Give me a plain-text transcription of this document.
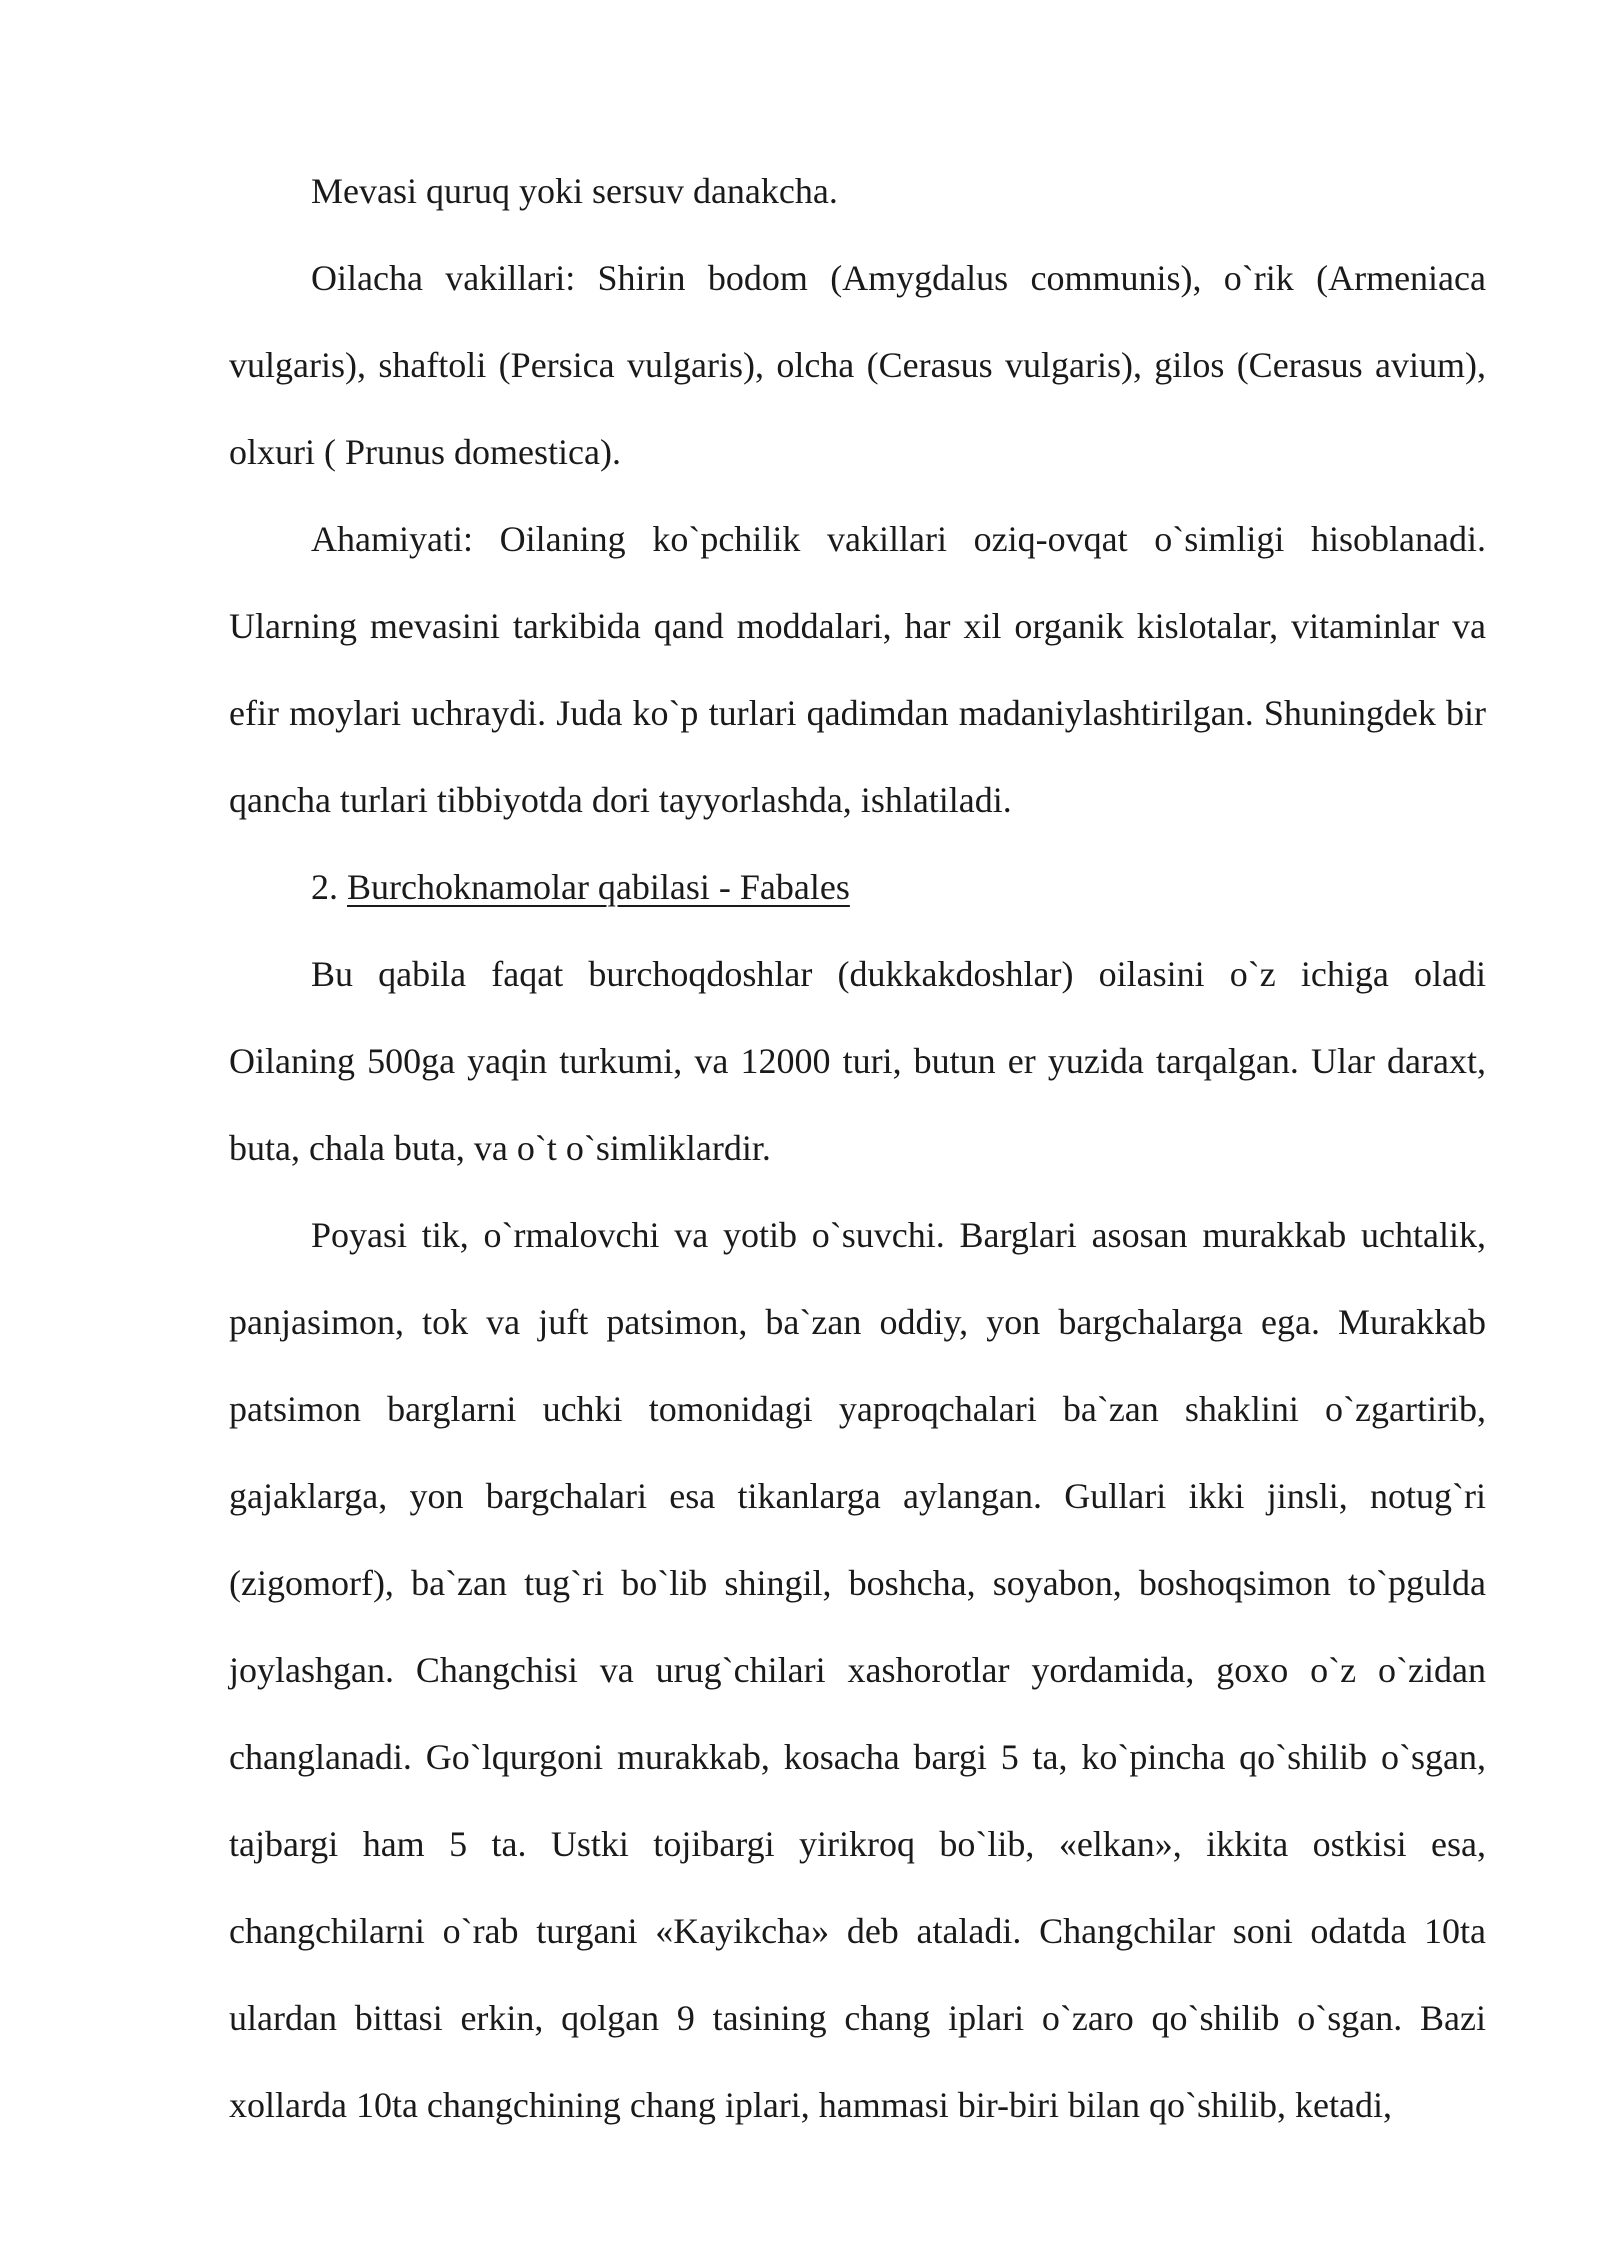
Mevasi quruq yoki sersuv danakcha.

Oilacha vakillari: Shirin bodom (Amygdalus communis), o`rik (Armeniaca vulgaris), shaftoli (Persica vulgaris), olcha (Cerasus vulgaris), gilos (Cerasus avium), olxuri ( Prunus domestica).

Ahamiyati: Oilaning ko`pchilik vakillari oziq-ovqat o`simligi hisoblanadi. Ularning mevasini tarkibida qand moddalari, har xil organik kislotalar, vitaminlar va efir moylari uchraydi. Juda ko`p turlari qadimdan madaniylashtirilgan. Shuningdek bir qancha turlari tibbiyotda dori tayyorlashda, ishlatiladi.

2. Burchoknamolar qabilasi - Fabales

Bu qabila faqat burchoqdoshlar (dukkakdoshlar) oilasini o`z ichiga oladi Oilaning 500ga yaqin turkumi, va 12000 turi, butun er yuzida tarqalgan. Ular daraxt, buta, chala buta, va o`t o`simliklardir.

Poyasi tik, o`rmalovchi va yotib o`suvchi. Barglari asosan murakkab uchtalik, panjasimon, tok va juft patsimon, ba`zan oddiy, yon bargchalarga ega. Murakkab patsimon barglarni uchki tomonidagi yaproqchalari ba`zan shaklini o`zgartirib, gajaklarga, yon bargchalari esa tikanlarga aylangan. Gullari ikki jinsli, notug`ri (zigomorf), ba`zan tug`ri bo`lib shingil, boshcha, soyabon, boshoqsimon to`pgulda joylashgan. Changchisi va urug`chilari xashorotlar yordamida, goxo o`z o`zidan changlanadi. Go`lqurgoni murakkab, kosacha bargi 5 ta, ko`pincha qo`shilib o`sgan, tajbargi ham 5 ta. Ustki tojibargi yirikroq bo`lib, «elkan», ikkita ostkisi esa, changchilarni o`rab turgani «Kayikcha» deb ataladi. Changchilar soni odatda 10ta ulardan bittasi erkin, qolgan 9 tasining chang iplari o`zaro qo`shilib o`sgan. Bazi xollarda 10ta changchining chang iplari, hammasi bir-biri bilan qo`shilib, ketadi,
